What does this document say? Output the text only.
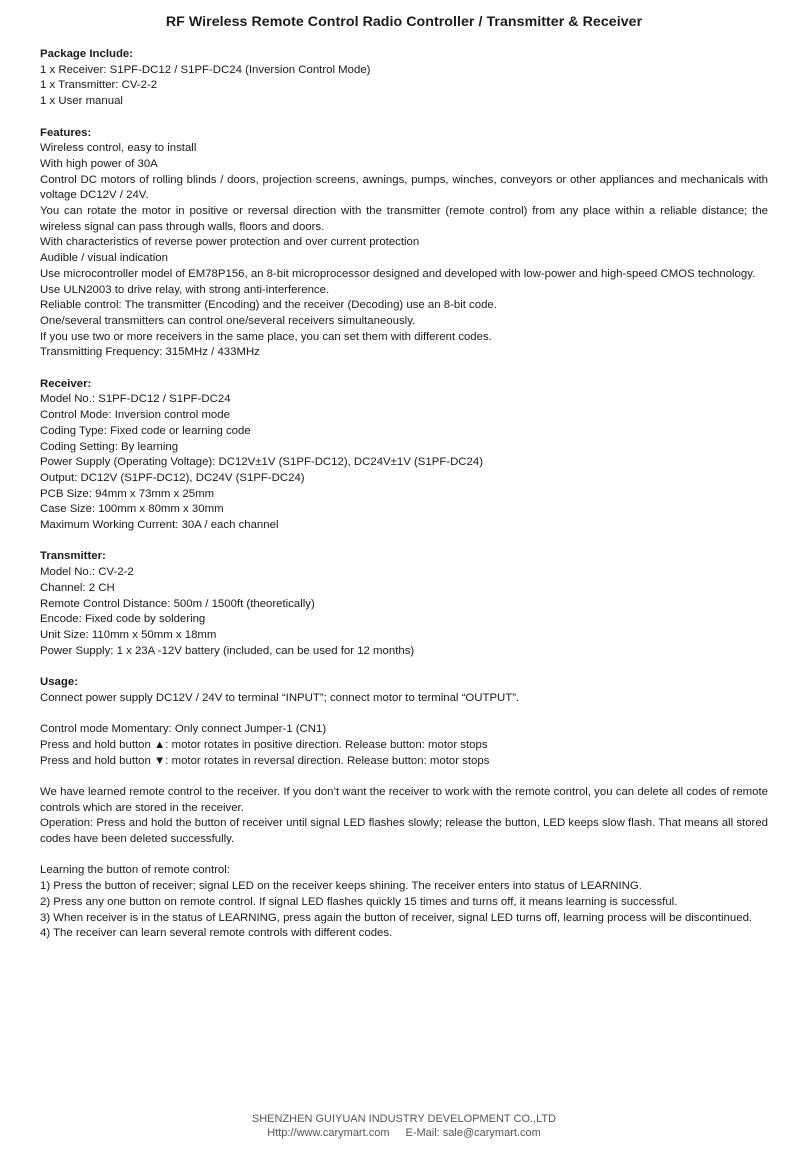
RF Wireless Remote Control Radio Controller / Transmitter & Receiver
Package Include:
1 x Receiver: S1PF-DC12 / S1PF-DC24 (Inversion Control Mode)
1 x Transmitter: CV-2-2
1 x User manual
Features:
Wireless control, easy to install
With high power of 30A
Control DC motors of rolling blinds / doors, projection screens, awnings, pumps, winches, conveyors or other appliances and mechanicals with voltage DC12V / 24V.
You can rotate the motor in positive or reversal direction with the transmitter (remote control) from any place within a reliable distance; the wireless signal can pass through walls, floors and doors.
With characteristics of reverse power protection and over current protection
Audible / visual indication
Use microcontroller model of EM78P156, an 8-bit microprocessor designed and developed with low-power and high-speed CMOS technology.
Use ULN2003 to drive relay, with strong anti-interference.
Reliable control: The transmitter (Encoding) and the receiver (Decoding) use an 8-bit code.
One/several transmitters can control one/several receivers simultaneously.
If you use two or more receivers in the same place, you can set them with different codes.
Transmitting Frequency: 315MHz / 433MHz
Receiver:
Model No.: S1PF-DC12 / S1PF-DC24
Control Mode: Inversion control mode
Coding Type: Fixed code or learning code
Coding Setting: By learning
Power Supply (Operating Voltage): DC12V±1V (S1PF-DC12), DC24V±1V (S1PF-DC24)
Output: DC12V (S1PF-DC12), DC24V (S1PF-DC24)
PCB Size: 94mm x 73mm x 25mm
Case Size: 100mm x 80mm x 30mm
Maximum Working Current: 30A / each channel
Transmitter:
Model No.: CV-2-2
Channel: 2 CH
Remote Control Distance: 500m / 1500ft (theoretically)
Encode: Fixed code by soldering
Unit Size: 110mm x 50mm x 18mm
Power Supply: 1 x 23A -12V battery (included, can be used for 12 months)
Usage:
Connect power supply DC12V / 24V to terminal “INPUT”; connect motor to terminal “OUTPUT”.
Control mode Momentary: Only connect Jumper-1 (CN1)
Press and hold button ▲: motor rotates in positive direction. Release button: motor stops
Press and hold button ▼: motor rotates in reversal direction. Release button: motor stops
We have learned remote control to the receiver. If you don’t want the receiver to work with the remote control, you can delete all codes of remote controls which are stored in the receiver.
Operation: Press and hold the button of receiver until signal LED flashes slowly; release the button, LED keeps slow flash. That means all stored codes have been deleted successfully.
Learning the button of remote control:
1) Press the button of receiver; signal LED on the receiver keeps shining. The receiver enters into status of LEARNING.
2) Press any one button on remote control. If signal LED flashes quickly 15 times and turns off, it means learning is successful.
3) When receiver is in the status of LEARNING, press again the button of receiver, signal LED turns off, learning process will be discontinued.
4) The receiver can learn several remote controls with different codes.
SHENZHEN GUIYUAN INDUSTRY DEVELOPMENT CO.,LTD
Http://www.carymart.com E-Mail: sale@carymart.com
